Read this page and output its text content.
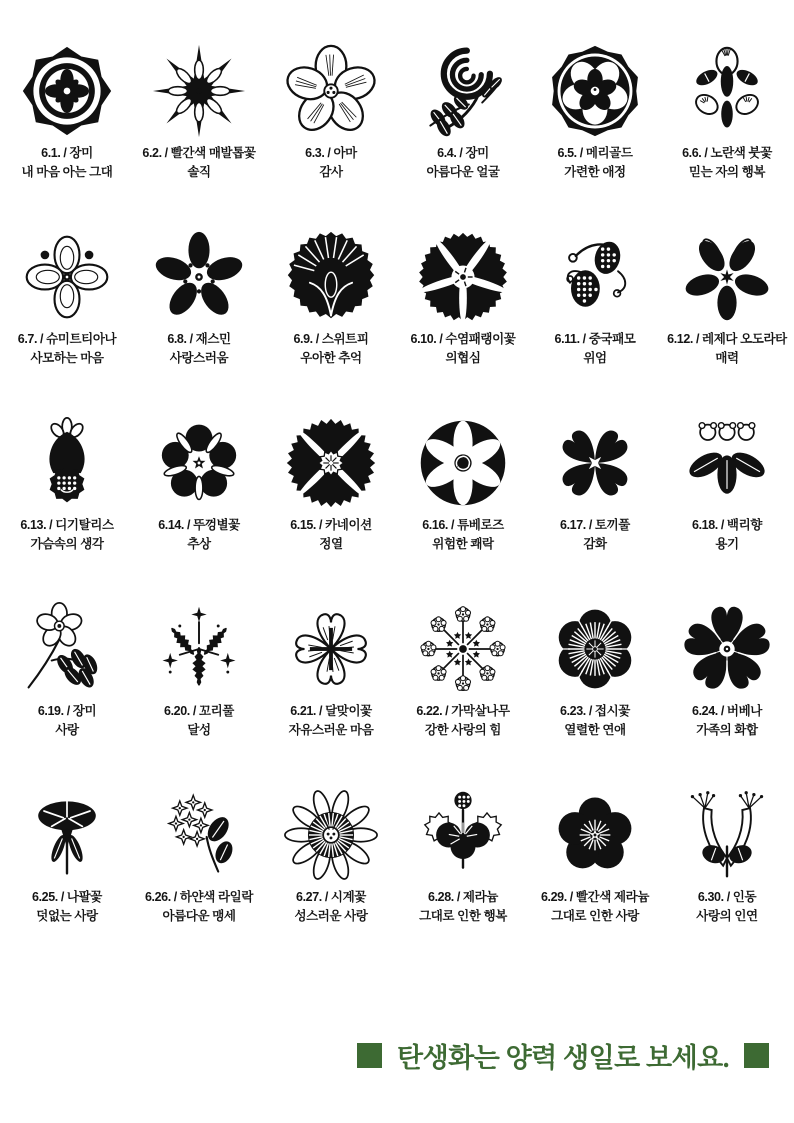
6.1. / 장미
내 마음 아는 그대
6.2. / 빨간색 매발톱꽃
솔직
6.3. / 아마
감사
6.4. / 장미
아름다운 얼굴
6.5. / 메리골드
가련한 애정
6.6. / 노란색 붓꽃
믿는 자의 행복
6.7. / 슈미트티아나
사모하는 마음
6.8. / 재스민
사랑스러움
6.9. / 스위트피
우아한 추억
6.10. / 수염패랭이꽃
의협심
6.11. / 중국패모
위엄
6.12. / 레제다 오도라타
매력
6.13. / 디기탈리스
가슴속의 생각
6.14. / 뚜껑별꽃
추상
6.15. / 카네이션
정열
6.16. / 튜베로즈
위험한 쾌락
6.17. / 토끼풀
감화
6.18. / 백리향
용기
6.19. / 장미
사랑
6.20. / 꼬리풀
달성
6.21. / 달맞이꽃
자유스러운 마음
6.22. / 가막살나무
강한 사랑의 힘
6.23. / 접시꽃
열렬한 연애
6.24. / 버베나
가족의 화합
6.25. / 나팔꽃
덧없는 사랑
6.26. / 하얀색 라일락
아름다운 맹세
6.27. / 시계꽃
성스러운 사랑
6.28. / 제라늄
그대로 인한 행복
6.29. / 빨간색 제라늄
그대로 인한 사랑
6.30. / 인동
사랑의 인연
탄생화는 양력 생일로 보세요.
